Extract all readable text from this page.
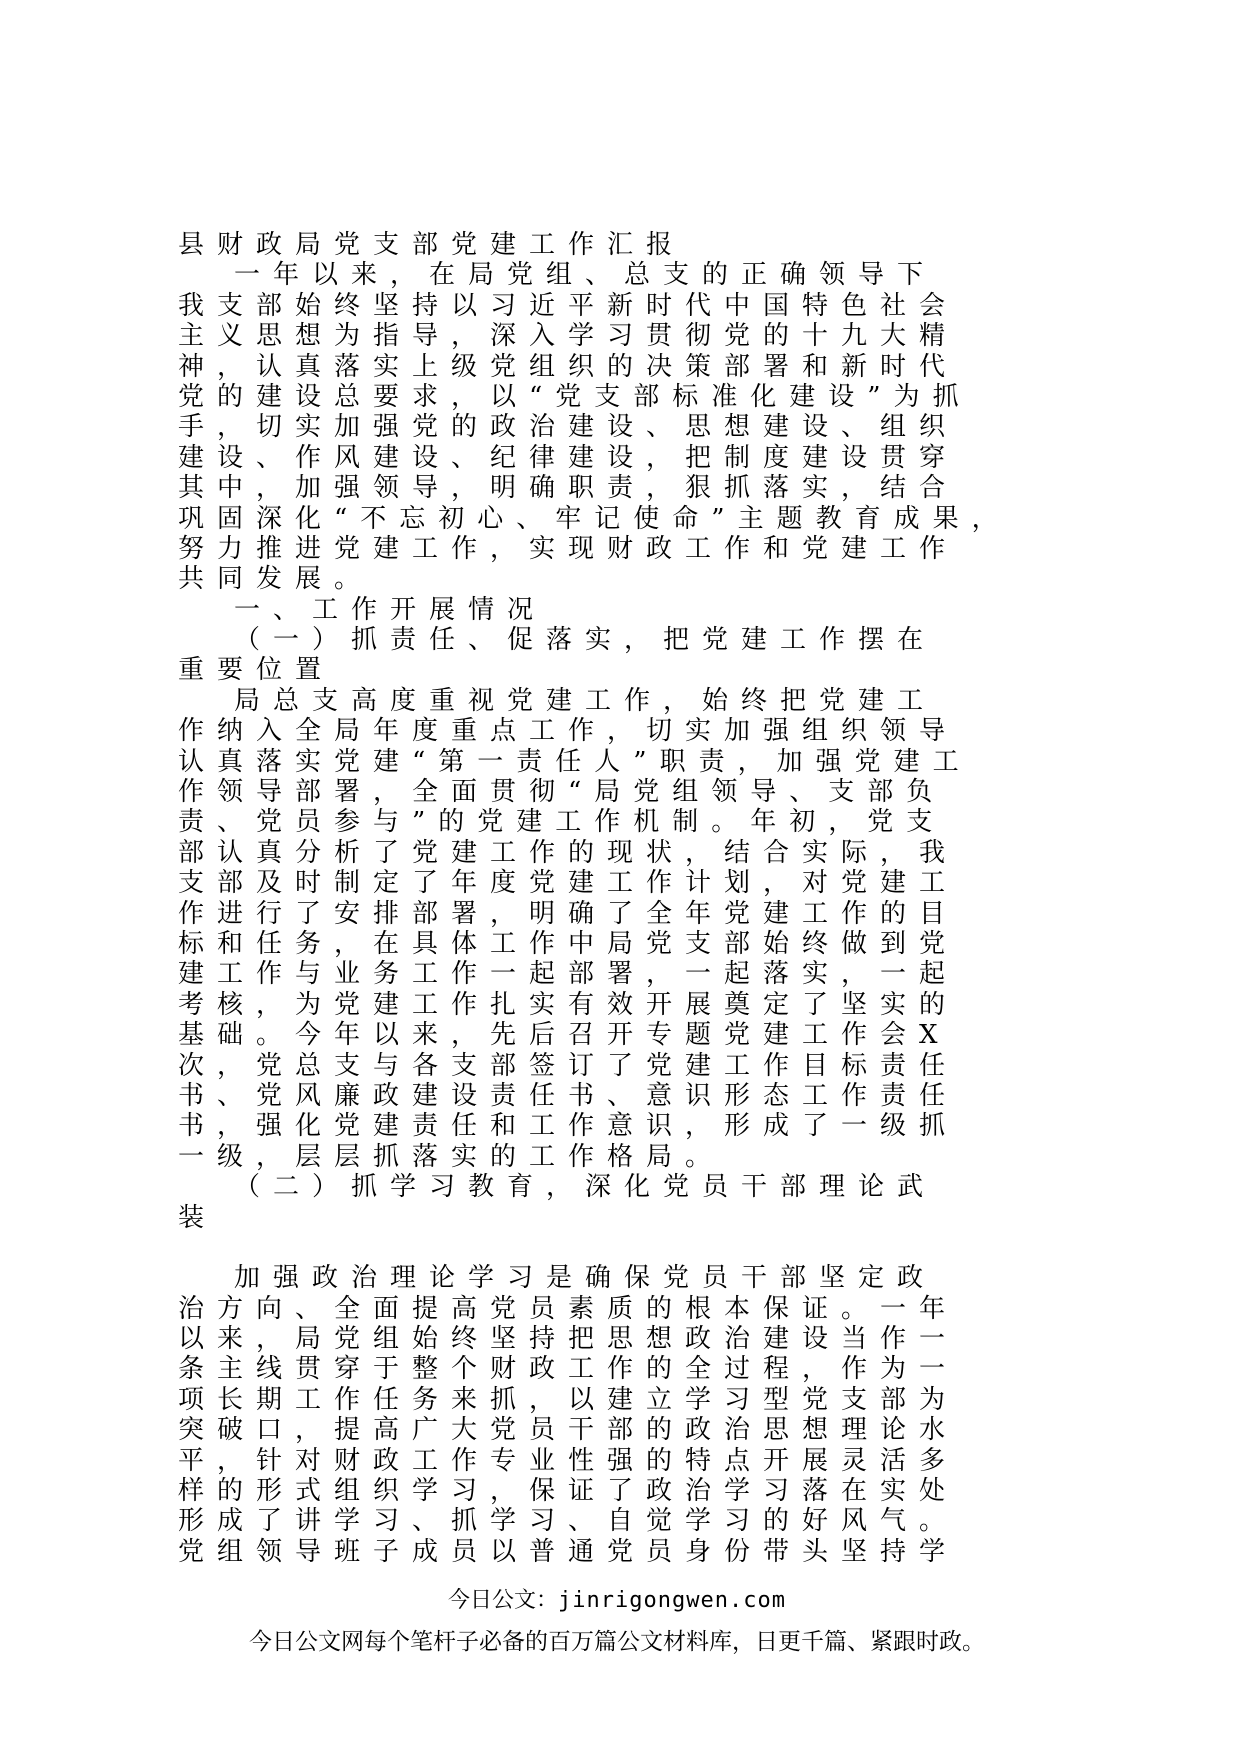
县财政局党支部党建工作汇报
一年以来，在局党组、总支的正确领导下
我支部始终坚持以习近平新时代中国特色社会
主义思想为指导，深入学习贯彻党的十九大精
神，认真落实上级党组织的决策部署和新时代
党的建设总要求，以“党支部标准化建设”为抓
手，切实加强党的政治建设、思想建设、组织
建设、作风建设、纪律建设，把制度建设贯穿
其中，加强领导，明确职责，狠抓落实，结合
巩固深化“不忘初心、牢记使命”主题教育成果，
努力推进党建工作，实现财政工作和党建工作
共同发展。
一、工作开展情况
（一）抓责任、促落实，把党建工作摆在
重要位置
局总支高度重视党建工作，始终把党建工
作纳入全局年度重点工作，切实加强组织领导
认真落实党建“第一责任人”职责，加强党建工
作领导部署，全面贯彻“局党组领导、支部负
责、党员参与”的党建工作机制。年初，党支
部认真分析了党建工作的现状，结合实际，我
支部及时制定了年度党建工作计划，对党建工
作进行了安排部署，明确了全年党建工作的目
标和任务，在具体工作中局党支部始终做到党
建工作与业务工作一起部署，一起落实，一起
考核，为党建工作扎实有效开展奠定了坚实的
基础。今年以来，先后召开专题党建工作会X
次，党总支与各支部签订了党建工作目标责任
书、党风廉政建设责任书、意识形态工作责任
书，强化党建责任和工作意识，形成了一级抓
一级，层层抓落实的工作格局。
（二）抓学习教育，深化党员干部理论武
装
加强政治理论学习是确保党员干部坚定政
治方向、全面提高党员素质的根本保证。一年
以来，局党组始终坚持把思想政治建设当作一
条主线贯穿于整个财政工作的全过程，作为一
项长期工作任务来抓，以建立学习型党支部为
突破口，提高广大党员干部的政治思想理论水
平，针对财政工作专业性强的特点开展灵活多
样的形式组织学习，保证了政治学习落在实处
形成了讲学习、抓学习、自觉学习的好风气。
党组领导班子成员以普通党员身份带头坚持学
今日公文：jinrigongwen.com
今日公文网每个笔杆子必备的百万篇公文材料库，日更千篇、紧跟时政。
